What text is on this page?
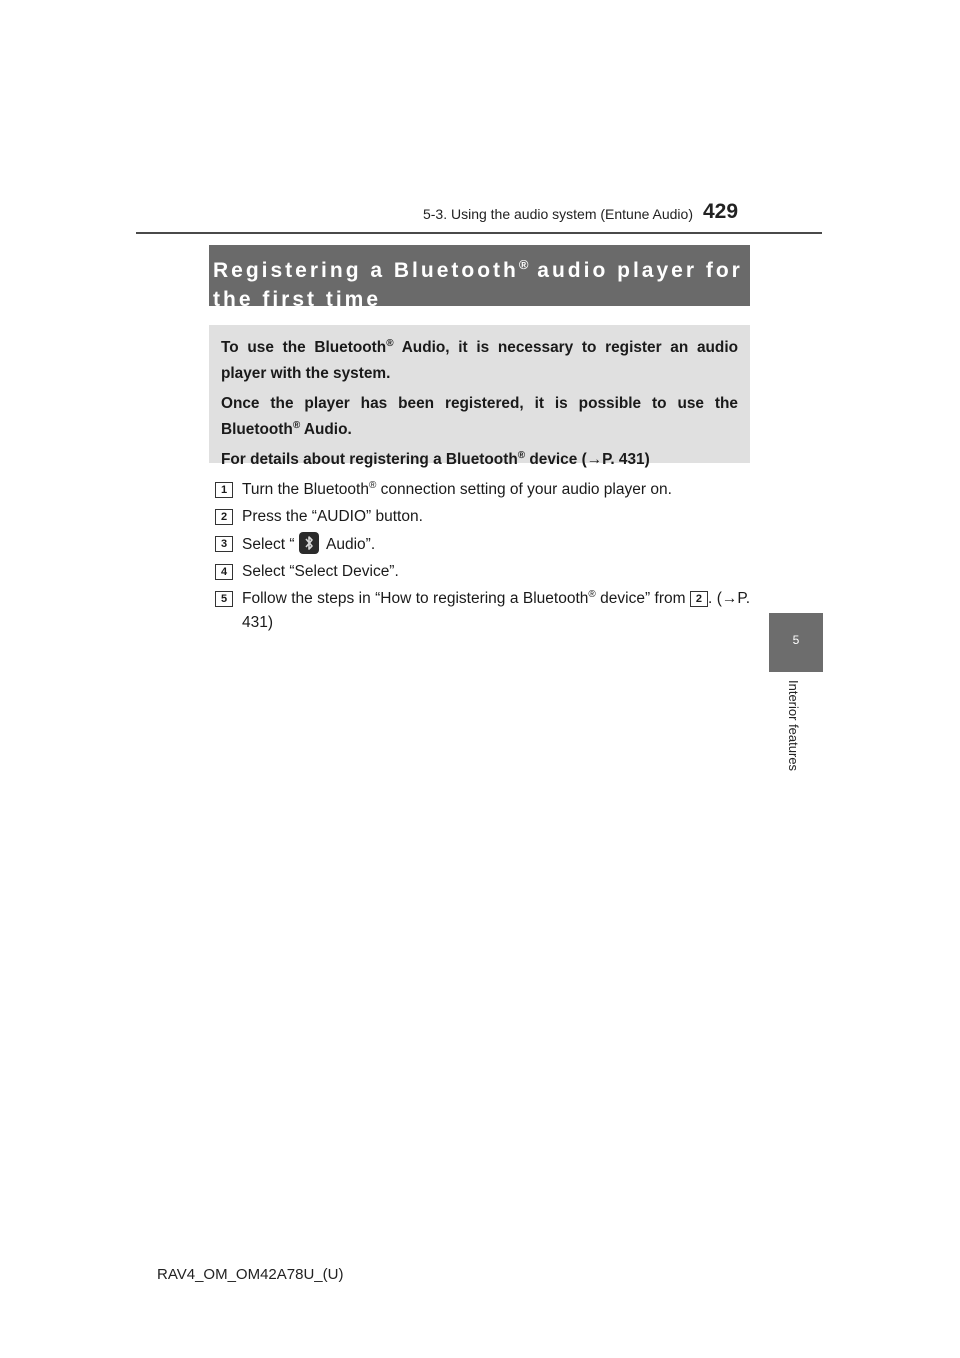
5-3. Using the audio system (Entune Audio) 429
5
Interior features
Registering a Bluetooth® audio player for the first time

To use the Bluetooth® Audio, it is necessary to register an audio player with the system.

Once the player has been registered, it is possible to use the Bluetooth® Audio.

For details about registering a Bluetooth® device (→P. 431)

1 Turn the Bluetooth® connection setting of your audio player on.
2 Press the “AUDIO” button.
3 Select “
Audio”.
4 Select “Select Device”.
5 Follow the steps in “How to registering a Bluetooth® device” from 2 . (→P. 431)
RAV4_OM_OM42A78U_(U)
